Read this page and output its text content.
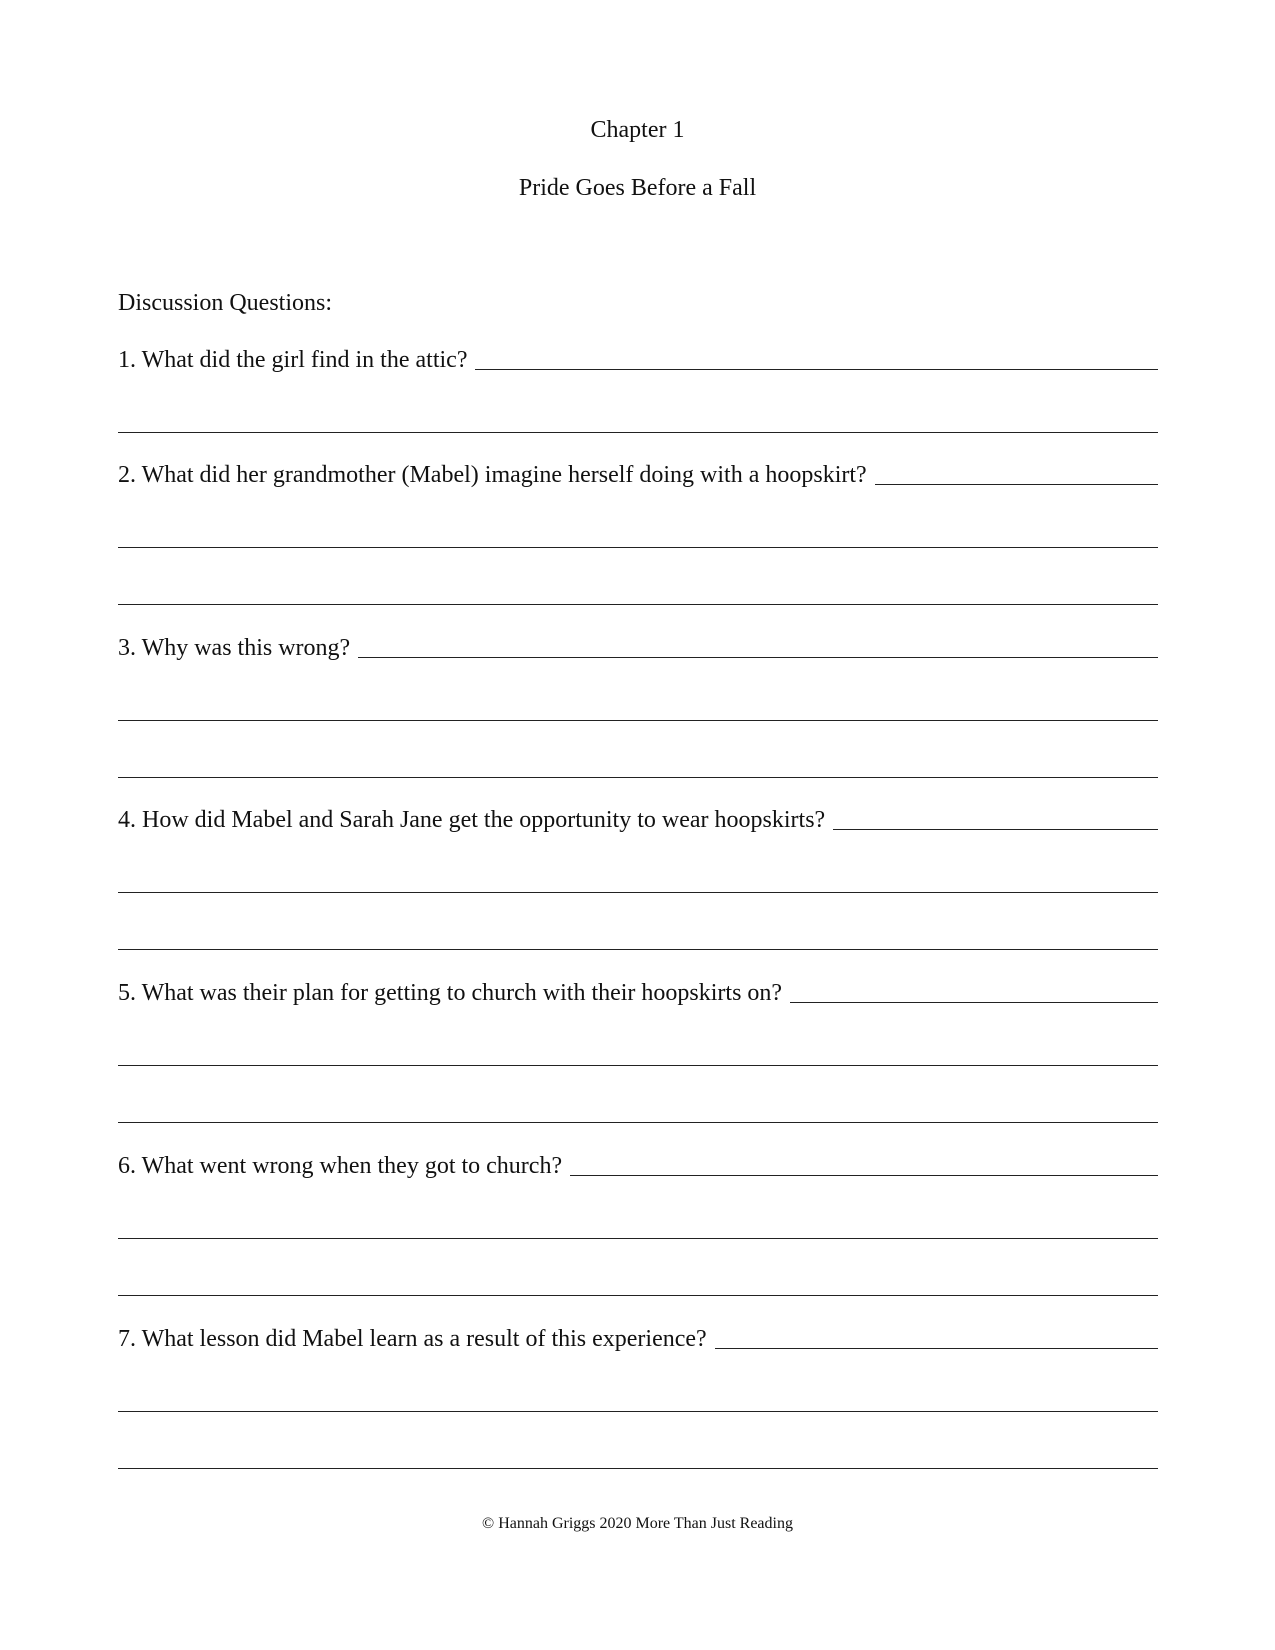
Chapter 1
Pride Goes Before a Fall
Discussion Questions:
1. What did the girl find in the attic?
2. What did her grandmother (Mabel) imagine herself doing with a hoopskirt?
3. Why was this wrong?
4. How did Mabel and Sarah Jane get the opportunity to wear hoopskirts?
5. What was their plan for getting to church with their hoopskirts on?
6. What went wrong when they got to church?
7. What lesson did Mabel learn as a result of this experience?
© Hannah Griggs 2020 More Than Just Reading
